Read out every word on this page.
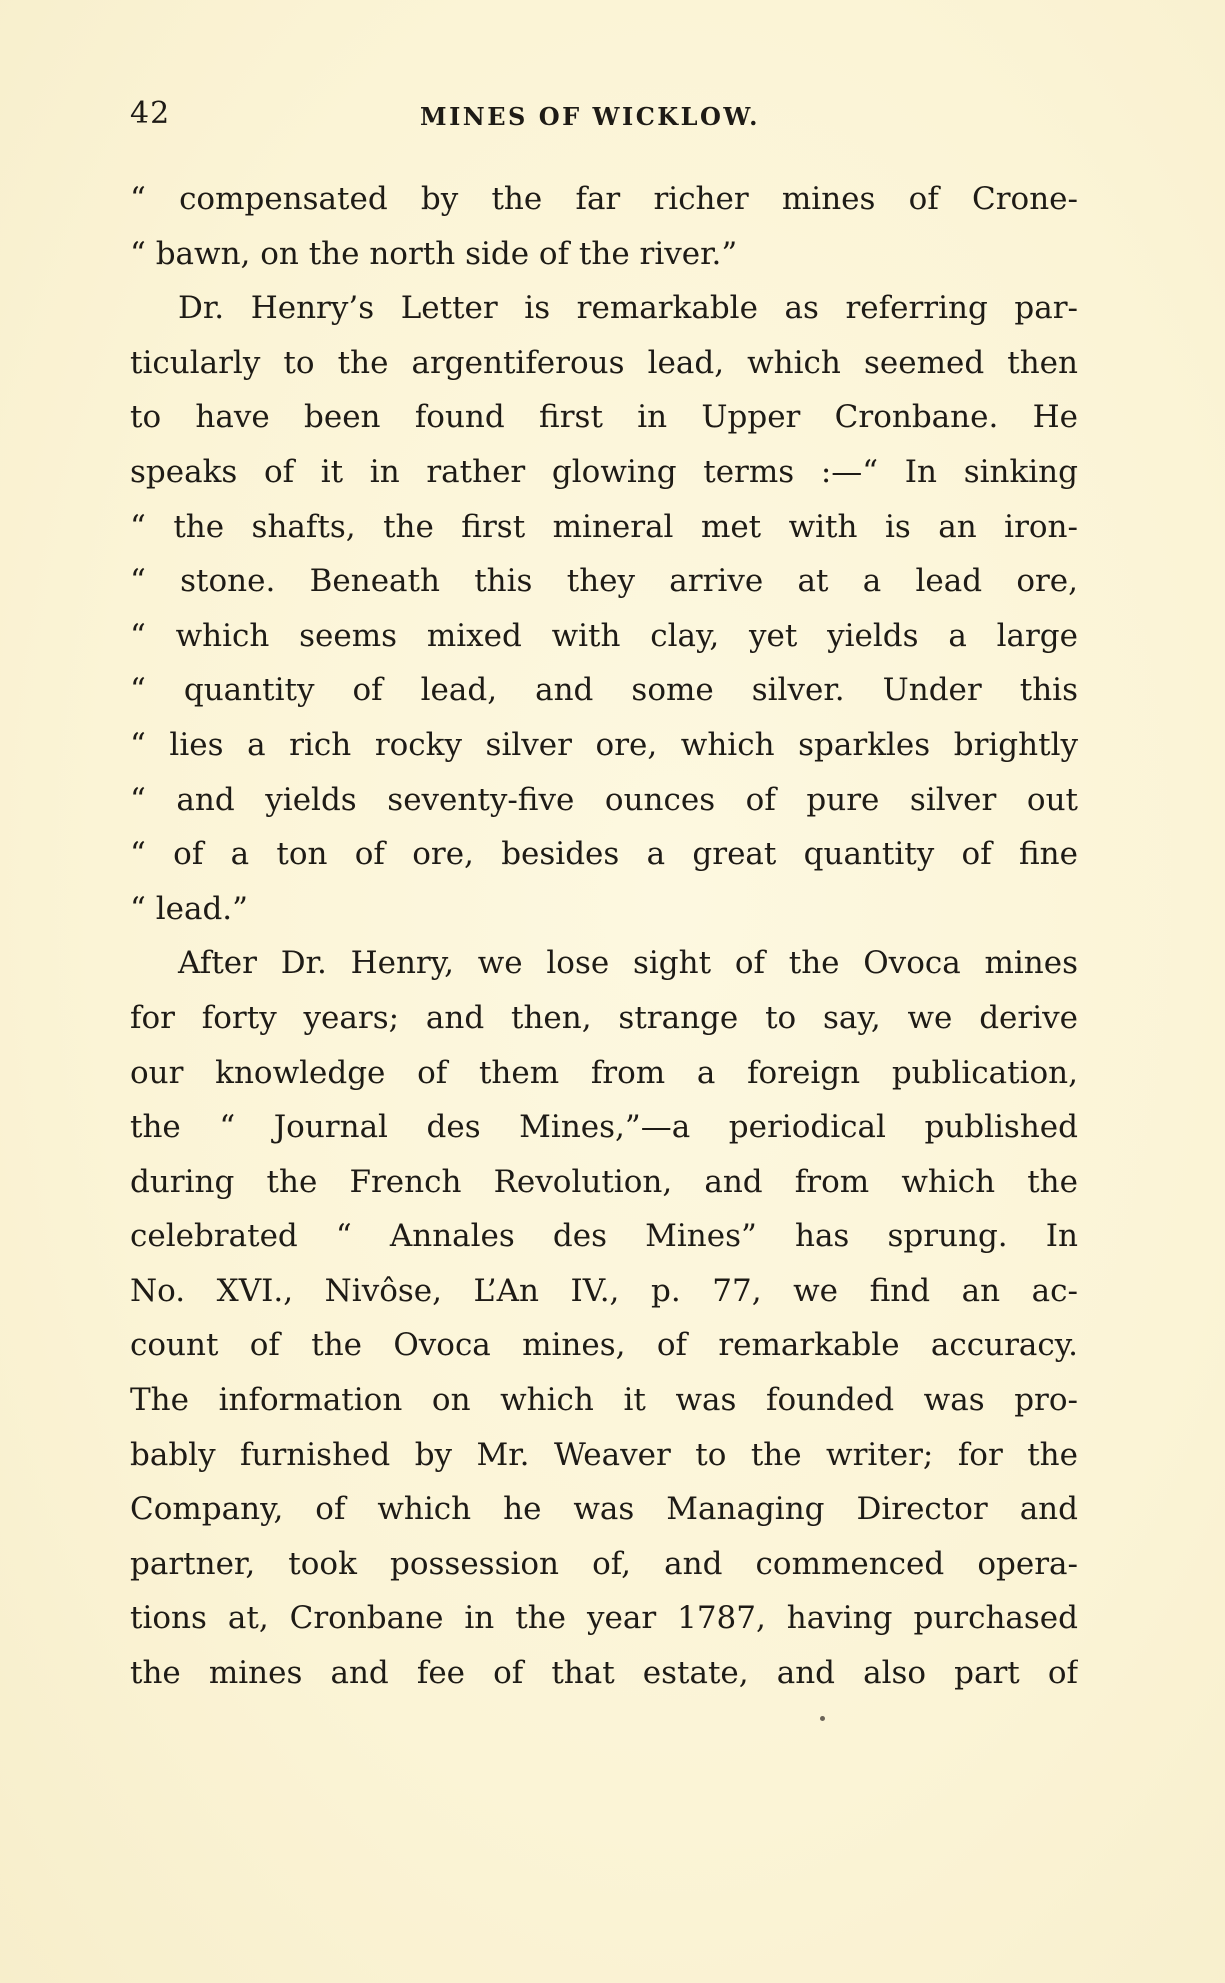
42	MINES OF WICKLOW.
“ compensated by the far richer mines of Crone-
“ bawn, on the north side of the river.”
Dr. Henry’s Letter is remarkable as referring par-
ticularly to the argentiferous lead, which seemed then
to have been found first in Upper Cronbane. He
speaks of it in rather glowing terms :—“ In sinking
“ the shafts, the first mineral met with is an iron-
“ stone. Beneath this they arrive at a lead ore,
“ which seems mixed with clay, yet yields a large
“ quantity of lead, and some silver. Under this
“ lies a rich rocky silver ore, which sparkles brightly
“ and yields seventy-five ounces of pure silver out
“ of a ton of ore, besides a great quantity of fine
“ lead.”
After Dr. Henry, we lose sight of the Ovoca mines
for forty years; and then, strange to say, we derive
our knowledge of them from a foreign publication,
the “ Journal des Mines,”—a periodical published
during the French Revolution, and from which the
celebrated “ Annales des Mines” has sprung. In
No. XVI., Nivôse, L’An IV., p. 77, we find an ac-
count of the Ovoca mines, of remarkable accuracy.
The information on which it was founded was pro-
bably furnished by Mr. Weaver to the writer; for the
Company, of which he was Managing Director and
partner, took possession of, and commenced opera-
tions at, Cronbane in the year 1787, having purchased
the mines and fee of that estate, and also part of
